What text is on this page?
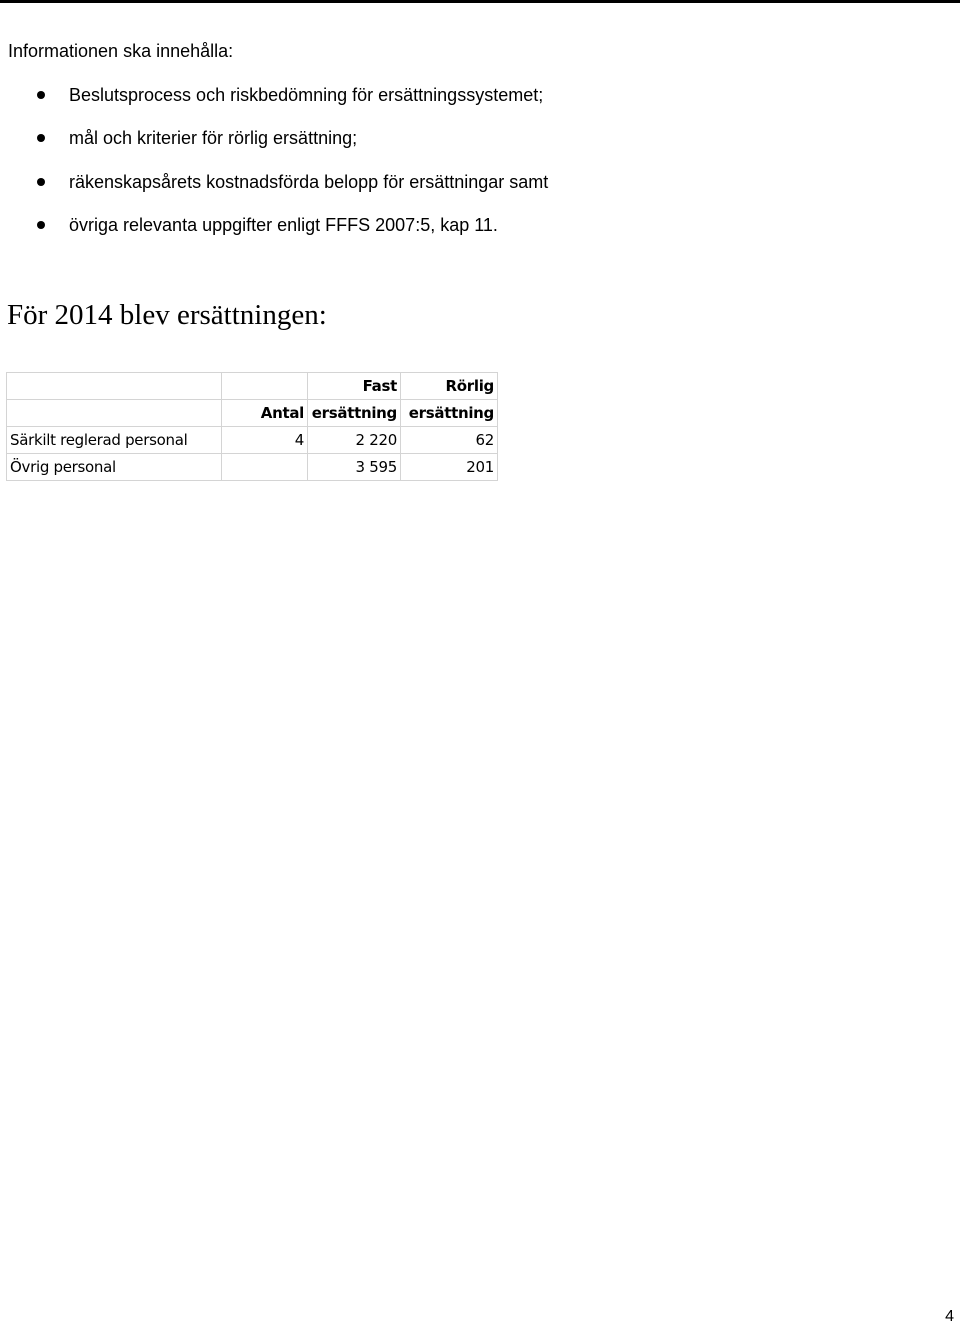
Informationen ska innehålla:
Beslutsprocess och riskbedömning för ersättningssystemet;
mål och kriterier för rörlig ersättning;
räkenskapsårets kostnadsförda belopp för ersättningar samt
övriga relevanta uppgifter enligt FFFS 2007:5, kap 11.
För 2014 blev ersättningen:
		Fast	Rörlig
	Antal	ersättning	ersättning
Särkilt reglerad personal	4	2 220	62
Övrig personal		3 595	201
4
